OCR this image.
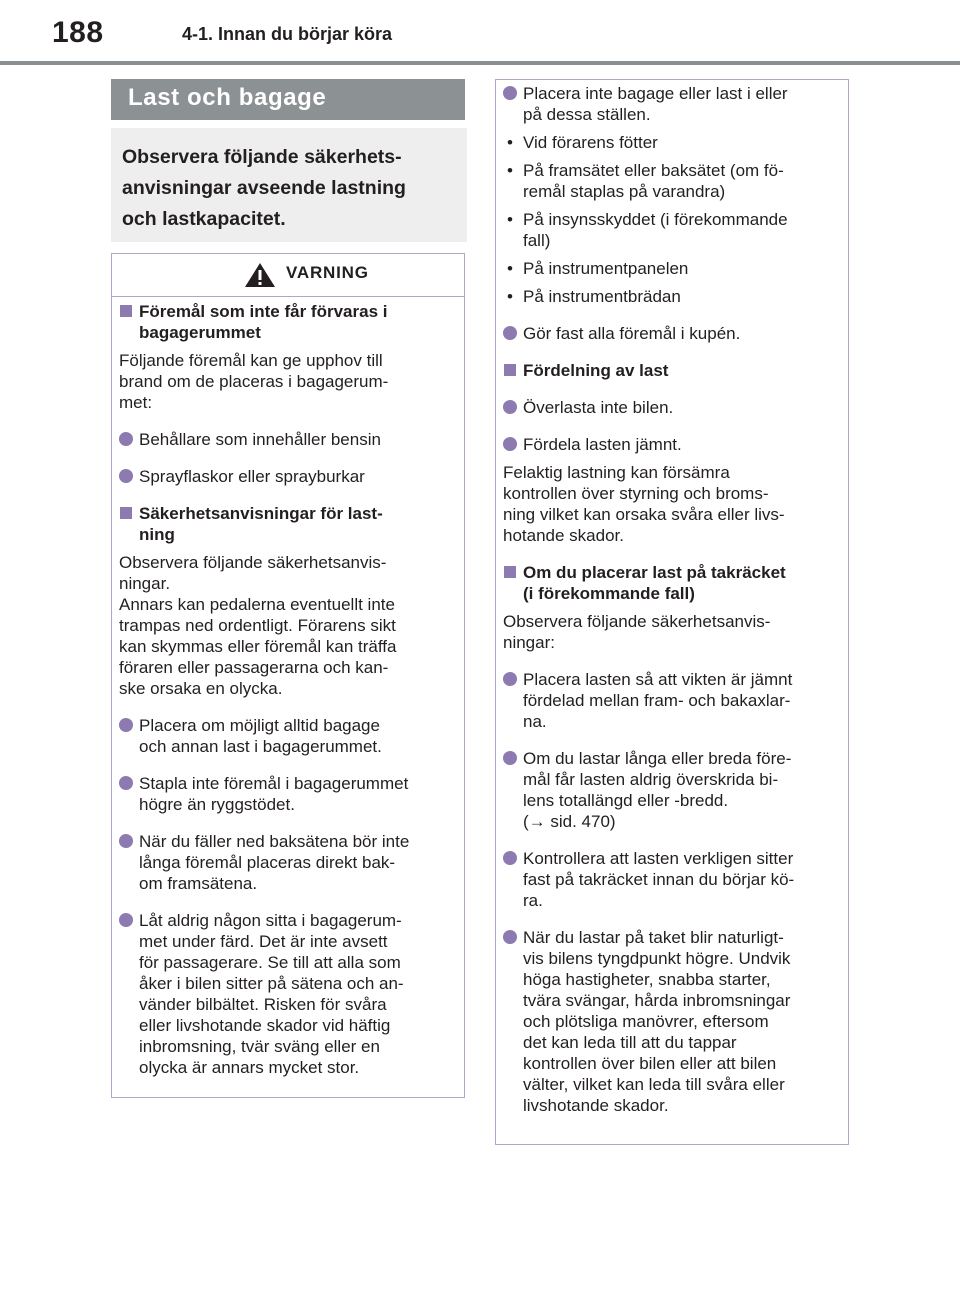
188	4-1. Innan du börjar köra
Last och bagage
Observera följande säkerhets-
anvisningar avseende lastning
och lastkapacitet.
VARNING
Föremål som inte får förvaras i
bagagerummet
Följande föremål kan ge upphov till
brand om de placeras i bagagerum-
met:
Behållare som innehåller bensin
Sprayflaskor eller sprayburkar
Säkerhetsanvisningar för last-
ning
Observera följande säkerhetsanvis-
ningar.
Annars kan pedalerna eventuellt inte
trampas ned ordentligt. Förarens sikt
kan skymmas eller föremål kan träffa
föraren eller passagerarna och kan-
ske orsaka en olycka.
Placera om möjligt alltid bagage
och annan last i bagagerummet.
Stapla inte föremål i bagagerummet
högre än ryggstödet.
När du fäller ned baksätena bör inte
långa föremål placeras direkt bak-
om framsätena.
Låt aldrig någon sitta i bagagerum-
met under färd. Det är inte avsett
för passagerare. Se till att alla som
åker i bilen sitter på sätena och an-
vänder bilbältet. Risken för svåra
eller livshotande skador vid häftig
inbromsning, tvär sväng eller en
olycka är annars mycket stor.
Placera inte bagage eller last i eller
på dessa ställen.
• Vid förarens fötter
• På framsätet eller baksätet (om fö-
remål staplas på varandra)
• På insynsskyddet (i förekommande
fall)
• På instrumentpanelen
• På instrumentbrädan
Gör fast alla föremål i kupén.
Fördelning av last
Överlasta inte bilen.
Fördela lasten jämnt.
Felaktig lastning kan försämra
kontrollen över styrning och broms-
ning vilket kan orsaka svåra eller livs-
hotande skador.
Om du placerar last på takräcket
(i förekommande fall)
Observera följande säkerhetsanvis-
ningar:
Placera lasten så att vikten är jämnt
fördelad mellan fram- och bakaxlar-
na.
Om du lastar långa eller breda före-
mål får lasten aldrig överskrida bi-
lens totallängd eller -bredd.
(→ sid. 470)
Kontrollera att lasten verkligen sitter
fast på takräcket innan du börjar kö-
ra.
När du lastar på taket blir naturligt-
vis bilens tyngdpunkt högre. Undvik
höga hastigheter, snabba starter,
tvära svängar, hårda inbromsningar
och plötsliga manövrer, eftersom
det kan leda till att du tappar
kontrollen över bilen eller att bilen
välter, vilket kan leda till svåra eller
livshotande skador.
